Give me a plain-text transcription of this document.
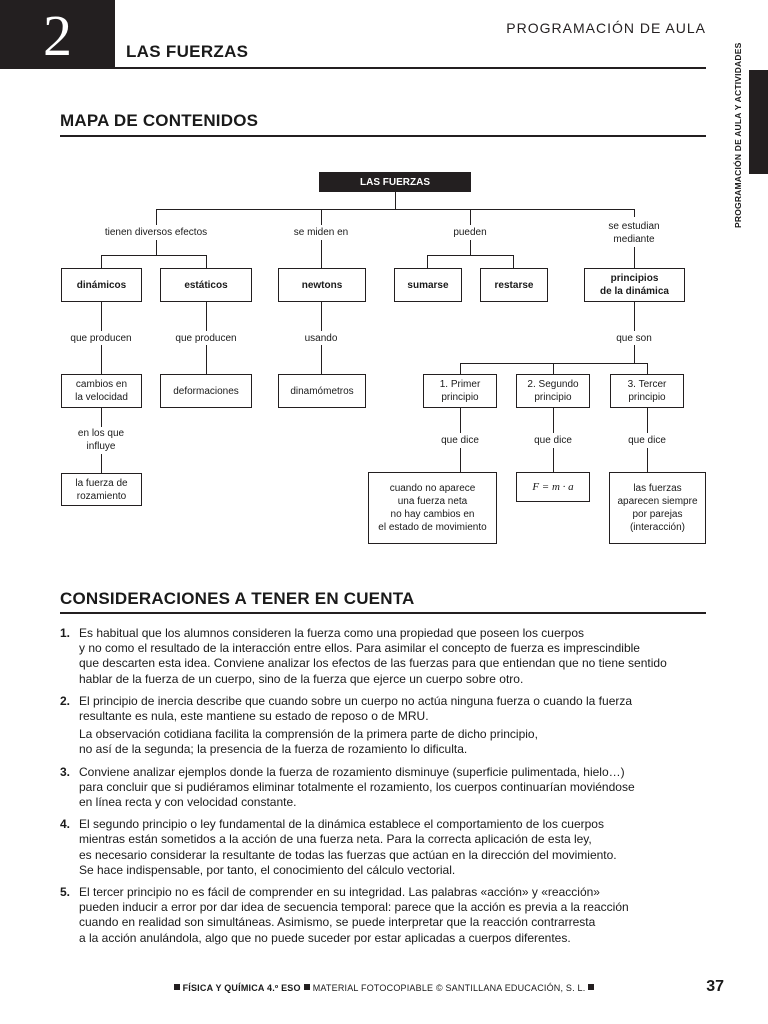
2	PROGRAMACIÓN DE AULA
LAS FUERZAS	PROGRAMACIÓN DE AULA Y ACTIVIDADES
MAPA DE CONTENIDOS
LAS FUERZAS
tienen diversos efectos	se miden en	pueden
se estudian
mediante
dinámicos	estáticos	newtons	sumarse	restarse
principios
de la dinámica
que producen	que producen	usando	que son
cambios en
la velocidad
deformaciones	dinamómetros
1. Primer
principio
2. Segundo
principio
3. Tercer
principio
en los que
influye
que dice	que dice	que dice
la fuerza de
rozamiento
cuando no aparece
una fuerza neta
no hay cambios en
el estado de movimiento
F = m · a	las fuerzas
aparecen siempre
por parejas
(interacción)
CONSIDERACIONES A TENER EN CUENTA
1. Es habitual que los alumnos consideren la fuerza como una propiedad que poseen los cuerpos
y no como el resultado de la interacción entre ellos. Para asimilar el concepto de fuerza es imprescindible
que descarten esta idea. Conviene analizar los efectos de las fuerzas para que entiendan que no tiene sentido
hablar de la fuerza de un cuerpo, sino de la fuerza que ejerce un cuerpo sobre otro.
2. El principio de inercia describe que cuando sobre un cuerpo no actúa ninguna fuerza o cuando la fuerza
resultante es nula, este mantiene su estado de reposo o de MRU.
La observación cotidiana facilita la comprensión de la primera parte de dicho principio,
no así de la segunda; la presencia de la fuerza de rozamiento lo dificulta.
3. Conviene analizar ejemplos donde la fuerza de rozamiento disminuye (superficie pulimentada, hielo…)
para concluir que si pudiéramos eliminar totalmente el rozamiento, los cuerpos continuarían moviéndose
en línea recta y con velocidad constante.
4. El segundo principio o ley fundamental de la dinámica establece el comportamiento de los cuerpos
mientras están sometidos a la acción de una fuerza neta. Para la correcta aplicación de esta ley,
es necesario considerar la resultante de todas las fuerzas que actúan en la dirección del movimiento.
Se hace indispensable, por tanto, el conocimiento del cálculo vectorial.
5. El tercer principio no es fácil de comprender en su integridad. Las palabras «acción» y «reacción»
pueden inducir a error por dar idea de secuencia temporal: parece que la acción es previa a la reacción
cuando en realidad son simultáneas. Asimismo, se puede interpretar que la reacción contrarresta
a la acción anulándola, algo que no puede suceder por estar aplicadas a cuerpos diferentes.
FÍSICA Y QUÍMICA 4.º ESO MATERIAL FOTOCOPIABLE © SANTILLANA EDUCACIÓN, S. L.	37
